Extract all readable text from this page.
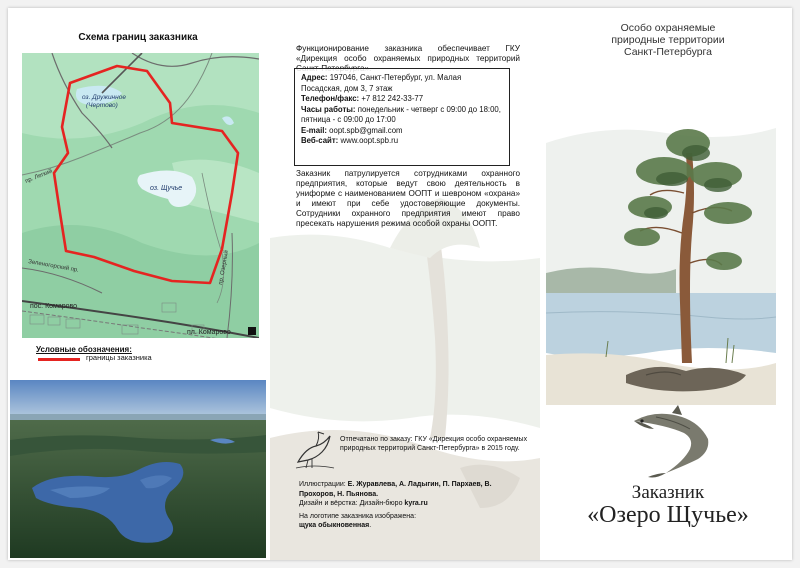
Схема границ заказника
оз. Дружинное
(Чертово)
оз. Щучье
пр. Легкий
пр. Озерный
Зеленогорский пр.
пос. Комарово
пл. Комарово
Условные обозначения:
границы заказника
Функционирование заказника обеспечивает ГКУ «Дирекция особо охраняемых природных территорий
Адрес: 197046, Санкт-Петербург, ул. Малая Посадская, дом 3, 7 этаж
Телефон/факс: +7 812 242-33-77
Часы работы: понедельник - четверг с 09:00 до 18:00, пятница - с 09:00 до 17:00
E-mail: oopt.spb@gmail.com
Веб-сайт: www.oopt.spb.ru
Заказник патрулируется сотрудниками охранного предприятия, которые ведут свою деятельность в униформе с наименованием ООПТ и шевроном «охрана» и имеют при себе удостоверяющие документы. Сотрудники охранного предприятия имеют право пресекать нарушения режима особой охраны ООПТ.
Отпечатано по заказу: ГКУ «Дирекция особо охраняемых природных территорий Санкт-Петербурга» в 2015 году.
Иллюстрации: Е. Журавлева, А. Ладыгин, П. Пархаев, В. Прохоров, Н. Пьянова.
Дизайн и вёрстка: Дизайн-бюро kyra.ru
На логотипе заказника изображена:
щука обыкновенная.
Особо охраняемые
природные территории
Санкт-Петербурга
Заказник
«Озеро Щучье»
